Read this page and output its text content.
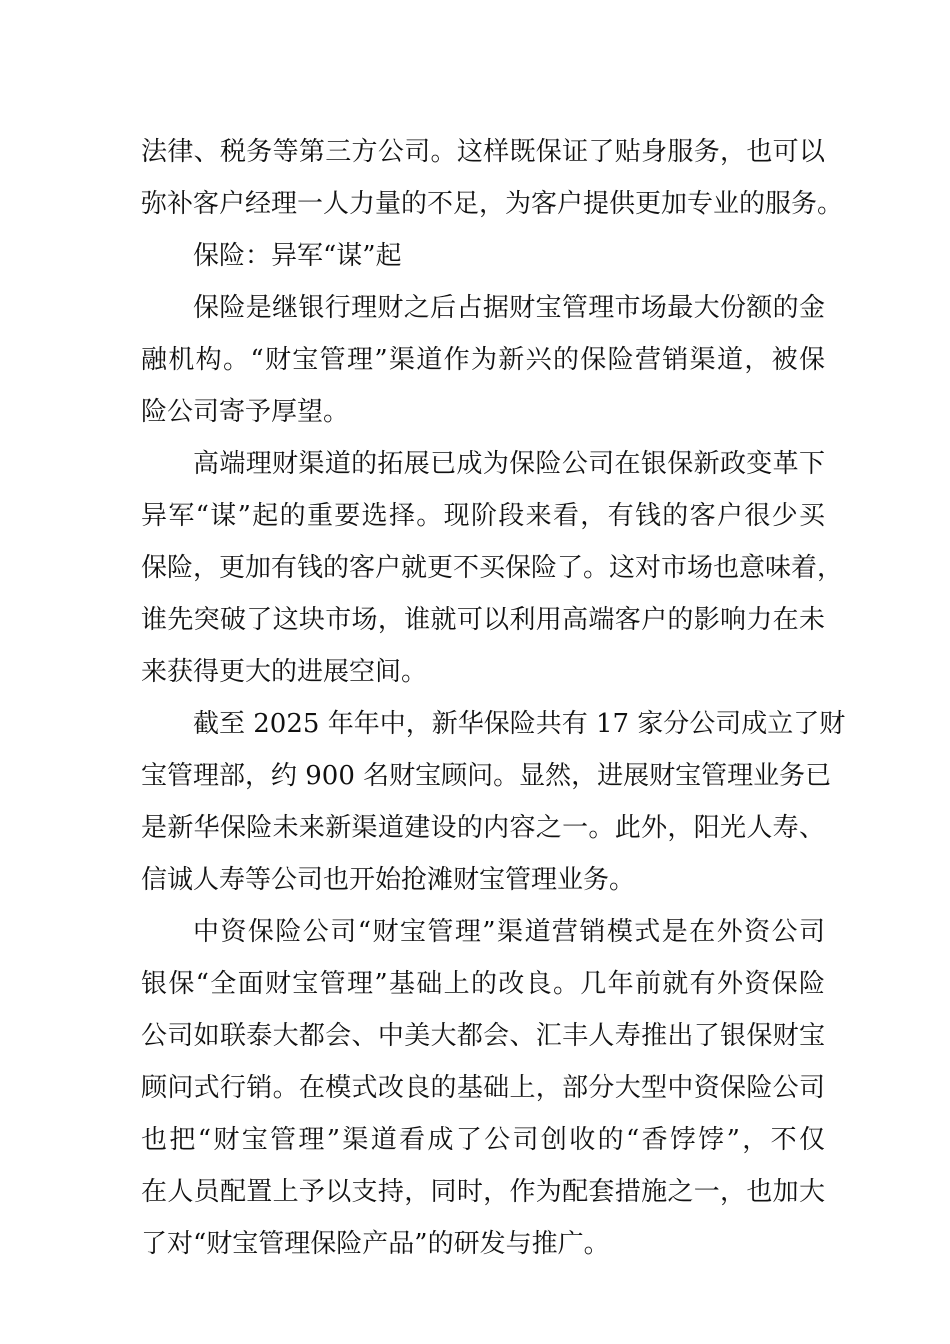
法律、税务等第三方公司。这样既保证了贴身服务，也可以
弥补客户经理一人力量的不足，为客户提供更加专业的服务。
保险：异军“谋”起
保险是继银行理财之后占据财宝管理市场最大份额的金
融机构。“财宝管理”渠道作为新兴的保险营销渠道，被保
险公司寄予厚望。
高端理财渠道的拓展已成为保险公司在银保新政变革下
异军“谋”起的重要选择。现阶段来看，有钱的客户很少买
保险，更加有钱的客户就更不买保险了。这对市场也意味着，
谁先突破了这块市场，谁就可以利用高端客户的影响力在未
来获得更大的进展空间。
截至 2025 年年中，新华保险共有 17 家分公司成立了财
宝管理部，约 900 名财宝顾问。显然，进展财宝管理业务已
是新华保险未来新渠道建设的内容之一。此外，阳光人寿、
信诚人寿等公司也开始抢滩财宝管理业务。
中资保险公司“财宝管理”渠道营销模式是在外资公司
银保“全面财宝管理”基础上的改良。几年前就有外资保险
公司如联泰大都会、中美大都会、汇丰人寿推出了银保财宝
顾问式行销。在模式改良的基础上，部分大型中资保险公司
也把“财宝管理”渠道看成了公司创收的“香饽饽”，不仅
在人员配置上予以支持，同时，作为配套措施之一，也加大
了对“财宝管理保险产品”的研发与推广。
